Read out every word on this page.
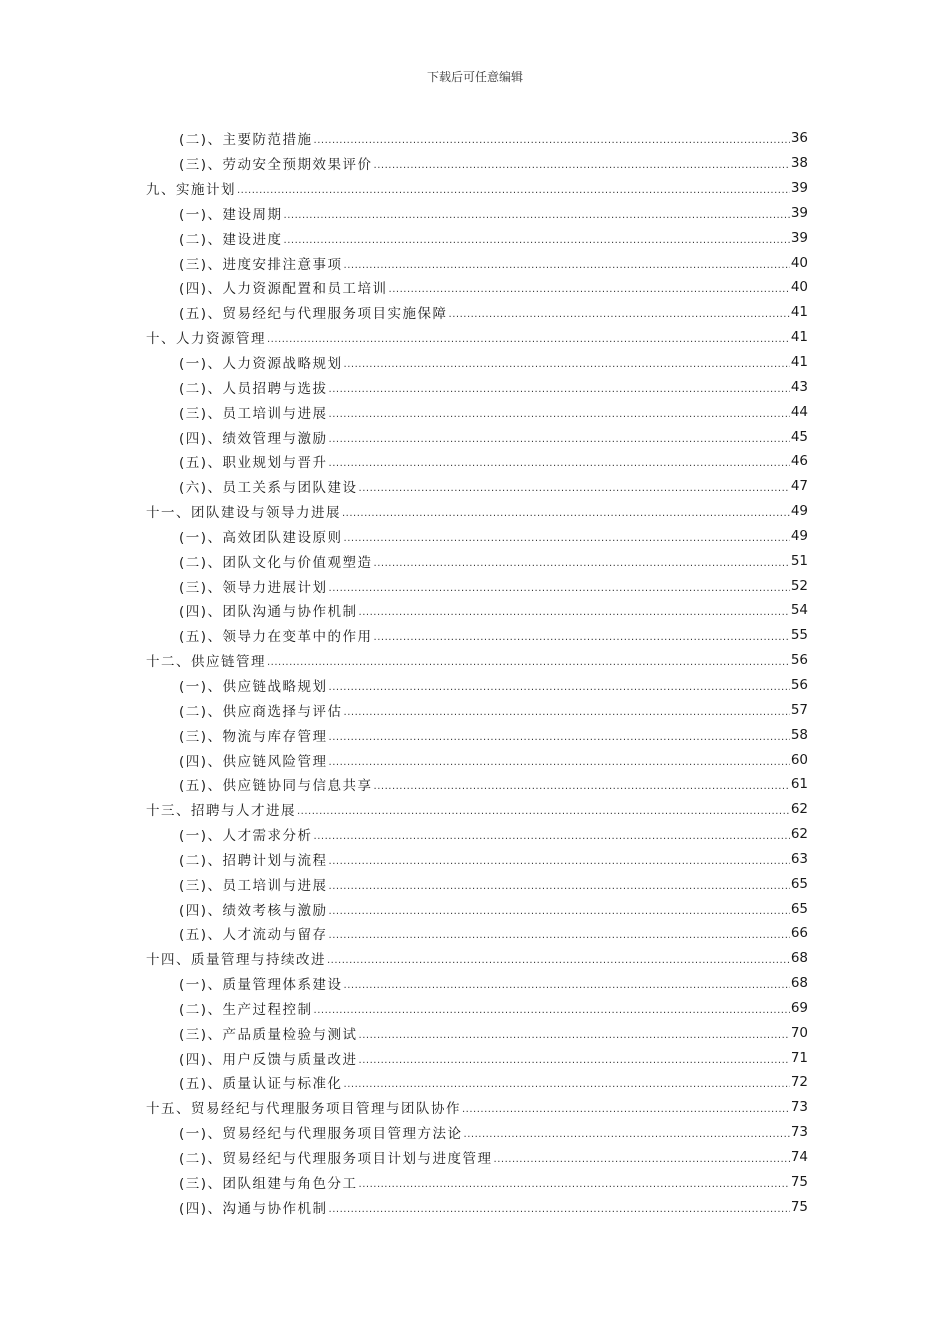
下载后可任意编辑
(二)、主要防范措施 .....	36
(三)、劳动安全预期效果评价 .....	38
九、实施计划 .....	39
(一)、建设周期 .....	39
(二)、建设进度 .....	39
(三)、进度安排注意事项 .....	40
(四)、人力资源配置和员工培训 .....	40
(五)、贸易经纪与代理服务项目实施保障 .....	41
十、人力资源管理 .....	41
(一)、人力资源战略规划 .....	41
(二)、人员招聘与选拔 .....	43
(三)、员工培训与进展 .....	44
(四)、绩效管理与激励 .....	45
(五)、职业规划与晋升 .....	46
(六)、员工关系与团队建设 .....	47
十一、团队建设与领导力进展 .....	49
(一)、高效团队建设原则 .....	49
(二)、团队文化与价值观塑造 .....	51
(三)、领导力进展计划 .....	52
(四)、团队沟通与协作机制 .....	54
(五)、领导力在变革中的作用 .....	55
十二、供应链管理 .....	56
(一)、供应链战略规划 .....	56
(二)、供应商选择与评估 .....	57
(三)、物流与库存管理 .....	58
(四)、供应链风险管理 .....	60
(五)、供应链协同与信息共享 .....	61
十三、招聘与人才进展 .....	62
(一)、人才需求分析 .....	62
(二)、招聘计划与流程 .....	63
(三)、员工培训与进展 .....	65
(四)、绩效考核与激励 .....	65
(五)、人才流动与留存 .....	66
十四、质量管理与持续改进 .....	68
(一)、质量管理体系建设 .....	68
(二)、生产过程控制 .....	69
(三)、产品质量检验与测试 .....	70
(四)、用户反馈与质量改进 .....	71
(五)、质量认证与标准化 .....	72
十五、贸易经纪与代理服务项目管理与团队协作 .....	73
(一)、贸易经纪与代理服务项目管理方法论 .....	73
(二)、贸易经纪与代理服务项目计划与进度管理 .....	74
(三)、团队组建与角色分工 .....	75
(四)、沟通与协作机制 .....	75
